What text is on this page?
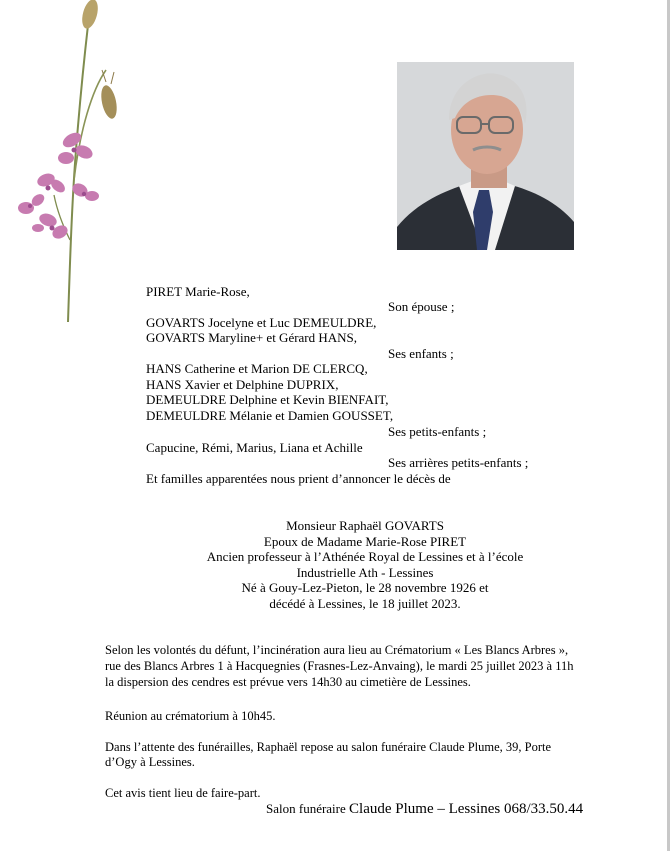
PIRET Marie-Rose,
Son épouse ;
GOVARTS Jocelyne et Luc DEMEULDRE,
GOVARTS Maryline+ et Gérard HANS,
Ses enfants ;
HANS Catherine et Marion DE CLERCQ,
HANS Xavier et Delphine DUPRIX,
DEMEULDRE Delphine et Kevin BIENFAIT,
DEMEULDRE Mélanie et Damien GOUSSET,
Ses petits-enfants ;
Capucine, Rémi, Marius, Liana et Achille
Ses arrières petits-enfants ;
Et familles apparentées nous prient d’annoncer le décès de
Monsieur Raphaël GOVARTS
Epoux de Madame Marie-Rose PIRET
Ancien professeur à l’Athénée Royal de Lessines et à l’école
Industrielle Ath - Lessines
Né à Gouy-Lez-Pieton, le 28 novembre 1926 et
décédé à Lessines, le 18 juillet 2023.
Selon les volontés du défunt, l’incinération aura lieu au Crématorium « Les Blancs Arbres »,
rue des Blancs Arbres 1 à Hacquegnies (Frasnes-Lez-Anvaing), le mardi 25 juillet 2023 à 11h
la dispersion des cendres est prévue vers 14h30 au cimetière de Lessines.
Réunion au crématorium à 10h45.
Dans l’attente des funérailles, Raphaël repose au salon funéraire Claude Plume, 39, Porte
d’Ogy à Lessines.
Cet avis tient lieu de faire-part.
Salon funéraire Claude Plume – Lessines 068/33.50.44
